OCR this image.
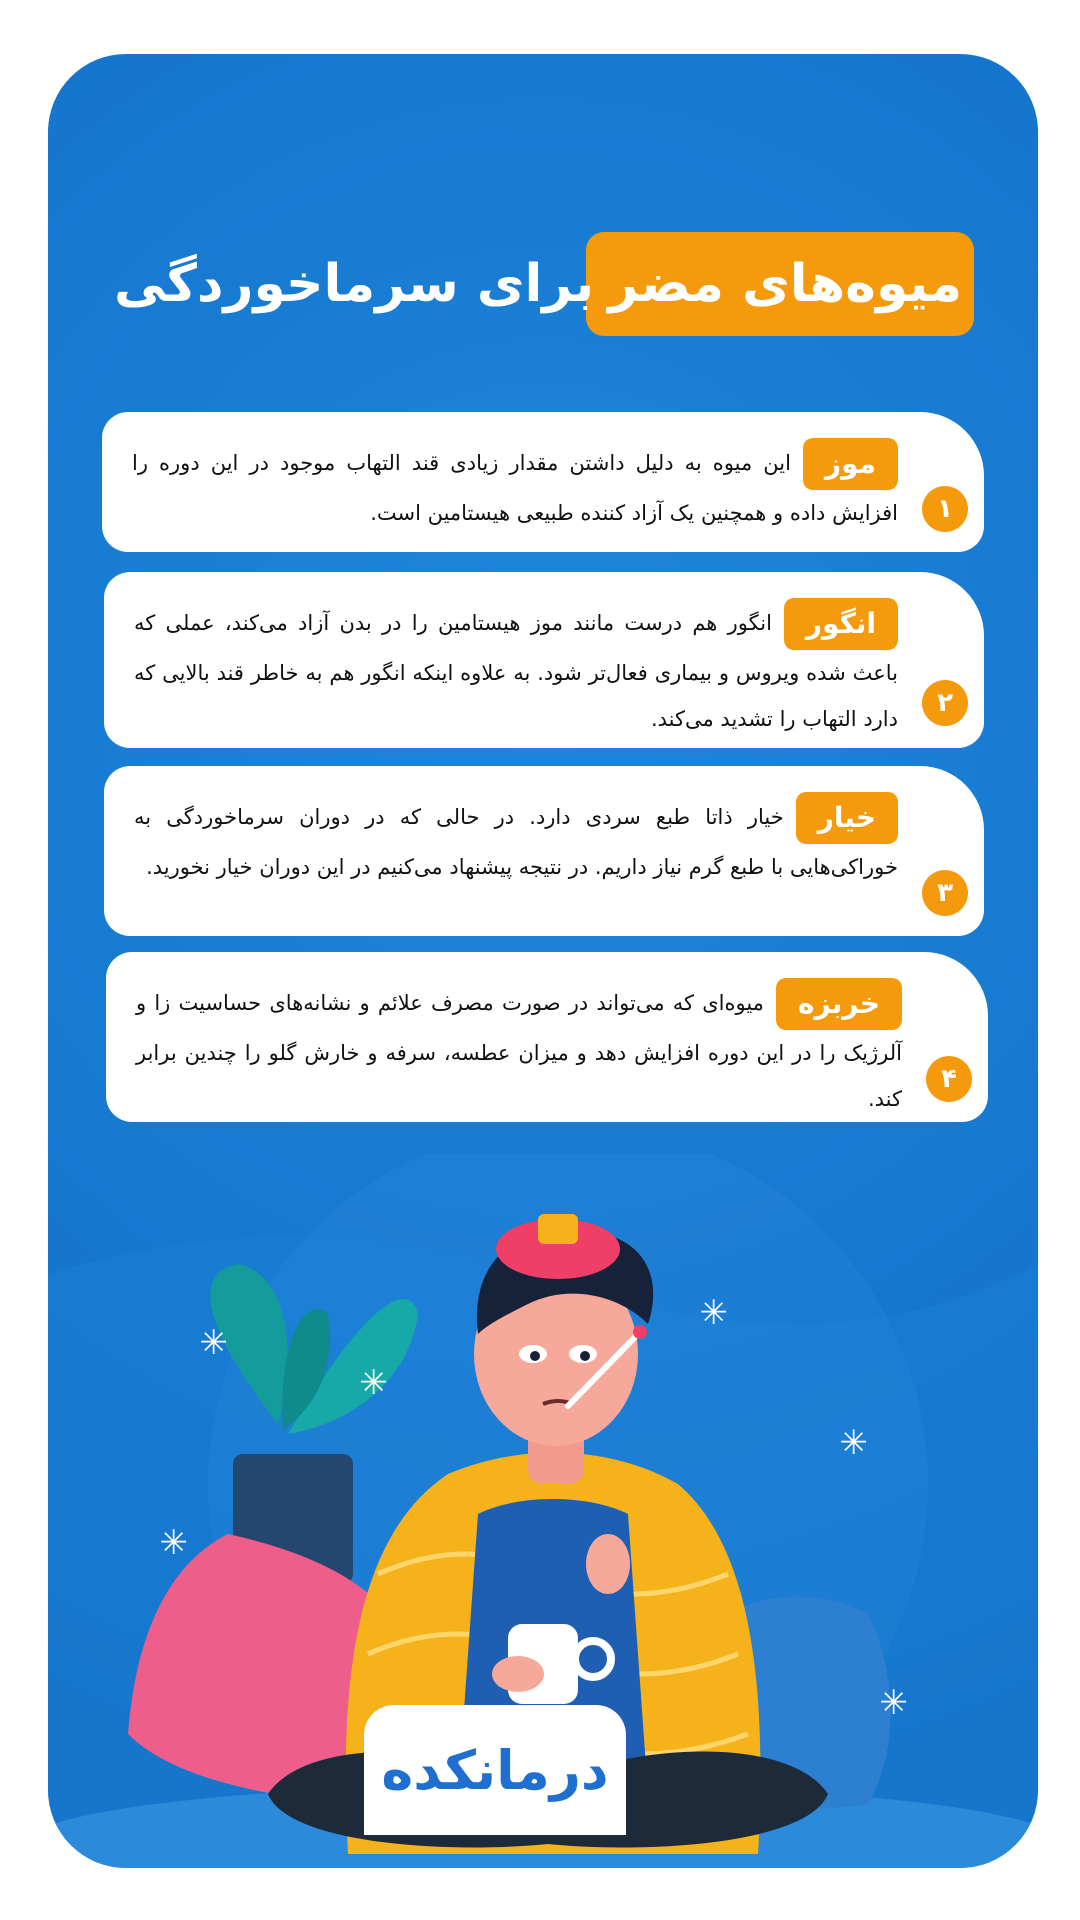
میوه‌های مضر
برای سرماخوردگی
موزاین میوه به دلیل داشتن مقدار زیادی قند التهاب موجود در این دوره را افزایش داده و همچنین یک آزاد کننده طبیعی هیستامین است.	۱
انگورانگور هم درست مانند موز هیستامین را در بدن آزاد می‌کند، عملی که باعث شده ویروس و بیماری فعال‌تر شود. به علاوه اینکه انگور هم به خاطر قند بالایی که دارد التهاب را تشدید می‌کند.
۲
خیارخیار ذاتا طبع سردی دارد. در حالی که در دوران سرماخوردگی به خوراکی‌هایی با طبع گرم نیاز داریم. در نتیجه پیشنهاد می‌کنیم در این دوران خیار نخورید.
۳
خربزهمیوه‌ای که می‌تواند در صورت مصرف علائم و نشانه‌های حساسیت زا و آلرژیک را در این دوره افزایش دهد و میزان عطسه، سرفه و خارش گلو را چندین برابر کند.
۴
✳
✳
✳
✳
✳
✳
درمانکده
